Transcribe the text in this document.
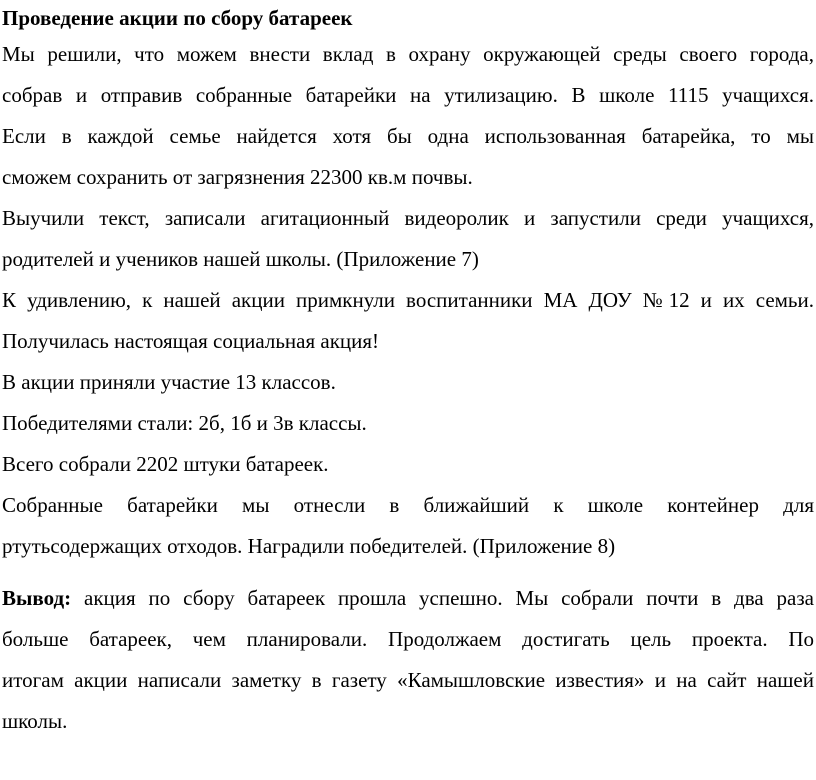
Проведение акции по сбору батареек
Мы решили, что можем внести вклад в охрану окружающей среды своего города,
собрав и отправив собранные батарейки на утилизацию. В школе 1115 учащихся.
Если в каждой семье найдется хотя бы одна использованная батарейка, то мы
сможем сохранить от загрязнения 22300 кв.м почвы.
Выучили текст, записали агитационный видеоролик и запустили среди учащихся,
родителей и учеников нашей школы. (Приложение 7)
К удивлению, к нашей акции примкнули воспитанники МА ДОУ №12 и их семьи.
Получилась настоящая социальная акция!
В акции приняли участие 13 классов.
Победителями стали: 2б, 1б и 3в классы.
Всего собрали 2202 штуки батареек.
Собранные батарейки мы отнесли в ближайший к школе контейнер для
ртутьсодержащих отходов. Наградили победителей. (Приложение 8)
Вывод: акция по сбору батареек прошла успешно. Мы собрали почти в два раза
больше батареек, чем планировали. Продолжаем достигать цель проекта. По
итогам акции написали заметку в газету «Камышловские известия» и на сайт нашей
школы.
